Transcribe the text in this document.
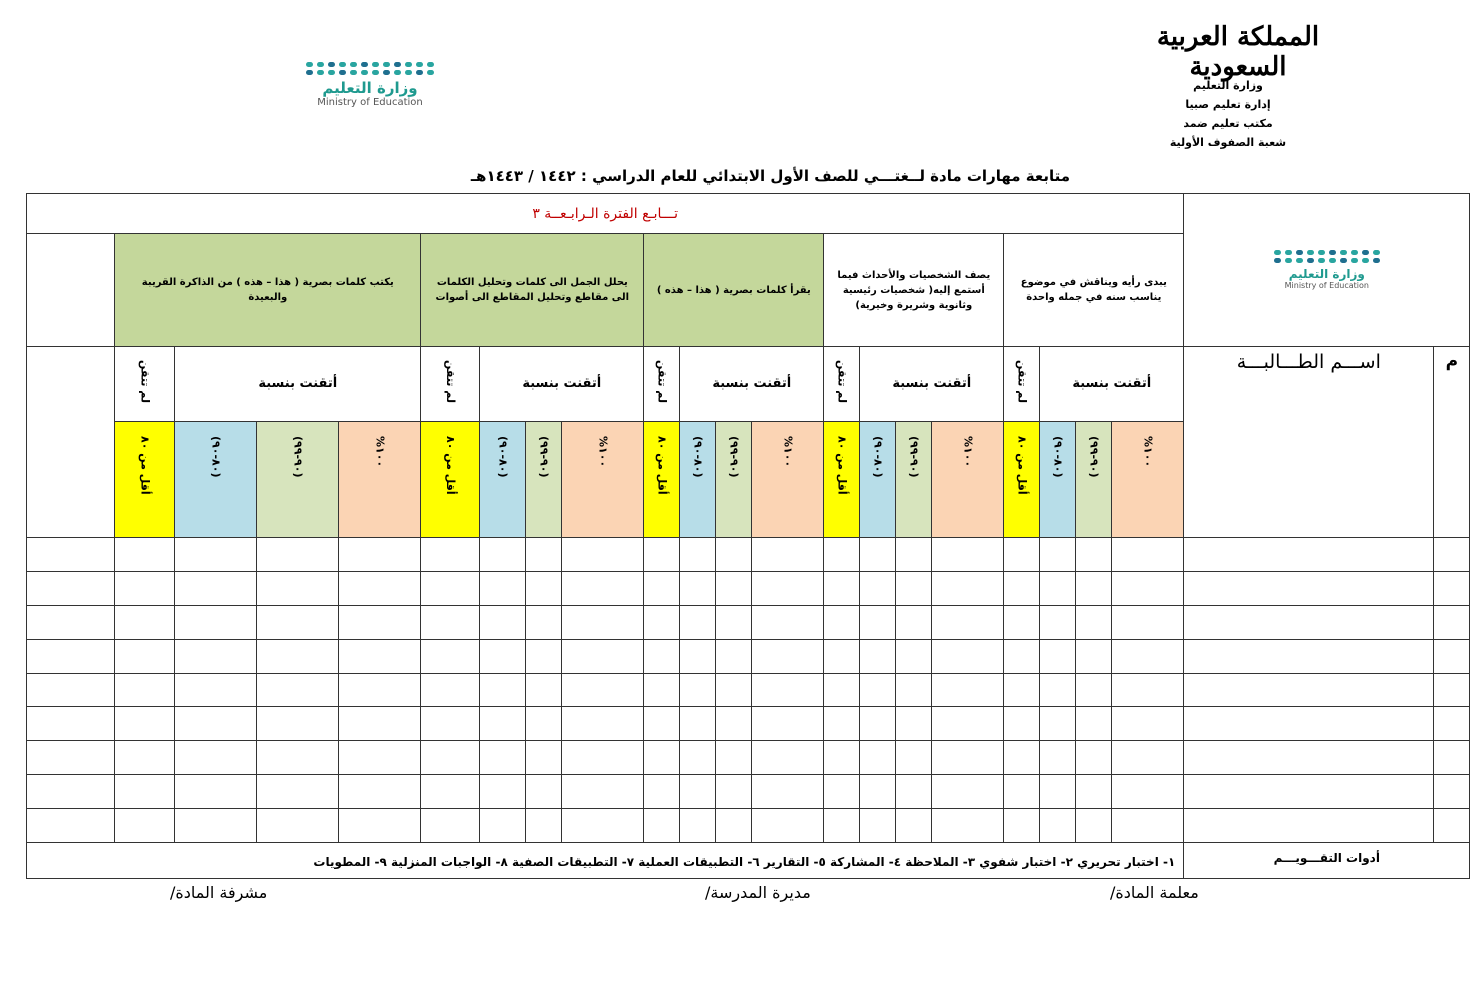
المملكة العربية السعودية
وزارة التعليم
إدارة تعليم صبيا
مكتب تعليم ضمد
شعبة الصفوف الأولية
وزارة التعليم
Ministry of Education
متابعة مهارات مادة لــغتـــي للصف الأول الابتدائي للعام الدراسي : ١٤٤٢ / ١٤٤٣هـ
وزارة التعليم
Ministry of Education		تـــابـع الفترة الـرابـعــة ٣																				
		يبدى رأيه ويناقش في موضوع يناسب سنه في جمله واحدة				يصف الشخصيات والأحداث فيما أستمع إليه( شخصيات رئيسية وثانوية وشريرة وخيرية)				يقرأ كلمات بصرية ( هذا – هذه )				يحلل الجمل الى كلمات وتحليل الكلمات الى مقاطع وتحليل المقاطع الى أصوات				يكتب كلمات بصرية ( هذا – هذه ) من الذاكرة القريبة والبعيدة				
م	اســـم الطـــالبـــة	أتقنت بنسبة			لم تتقن	أتقنت بنسبة			لم تتقن	أتقنت بنسبة			لم تتقن	أتقنت بنسبة			لم تتقن	أتقنت بنسبة			لم تتقن	
		١٠٠%	(٩٠-٩٩)	(٨٠-٩٠)	أقل من ٨٠	١٠٠%	(٩٠-٩٩)	(٨٠-٩٠)	أقل من ٨٠	١٠٠%	(٩٠-٩٩)	(٨٠-٩٠)	أقل من ٨٠	١٠٠%	(٩٠-٩٩)	(٨٠-٩٠)	أقل من ٨٠	١٠٠%	(٩٠-٩٩)	(٨٠-٩٠)	أقل من ٨٠	

أدوات التقـــويـــم		١- اختبار تحريري ٢- اختبار شفوي ٣- الملاحظة ٤- المشاركة ٥- التقارير ٦- التطبيقات العملية ٧- التطبيقات الصفية ٨- الواجبات المنزلية ٩- المطويات																				
معلمة المادة/
مديرة المدرسة/
مشرفة المادة/
